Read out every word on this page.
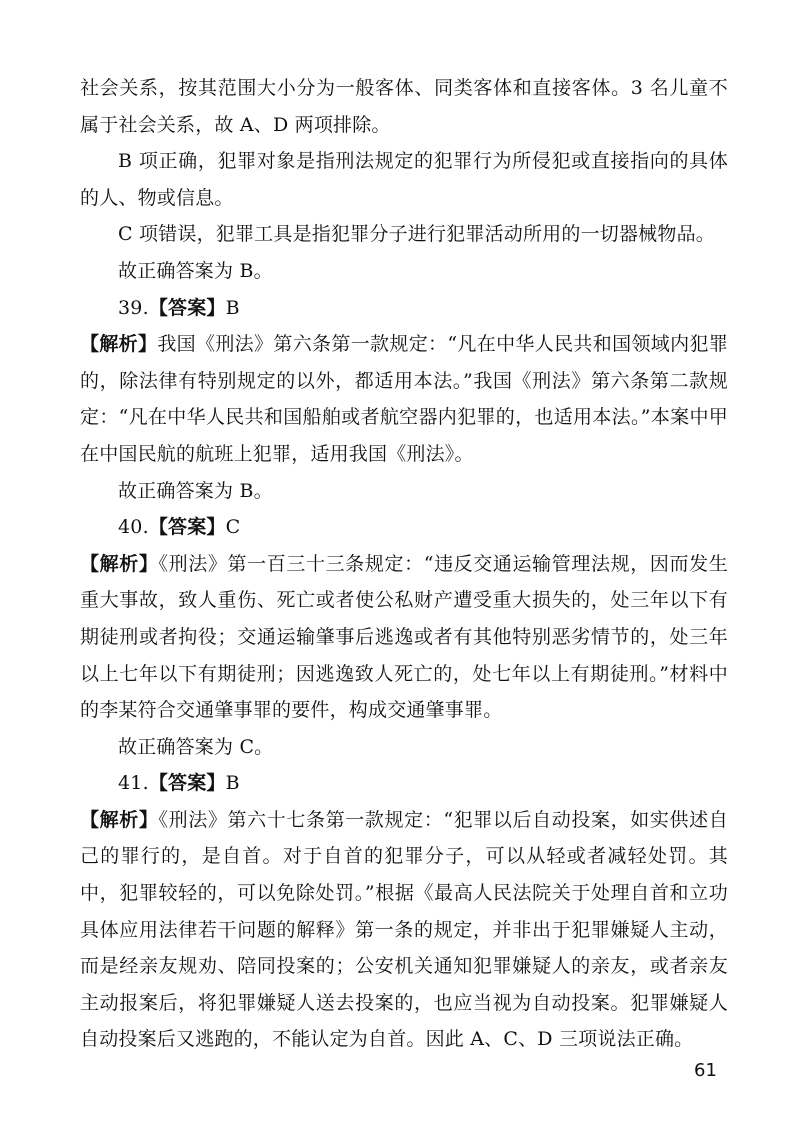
社会关系，按其范围大小分为一般客体、同类客体和直接客体。3 名儿童不属于社会关系，故 A、D 两项排除。

B 项正确，犯罪对象是指刑法规定的犯罪行为所侵犯或直接指向的具体的人、物或信息。

C 项错误，犯罪工具是指犯罪分子进行犯罪活动所用的一切器械物品。

故正确答案为 B。

39.【答案】B

【解析】我国《刑法》第六条第一款规定：“凡在中华人民共和国领域内犯罪的，除法律有特别规定的以外，都适用本法。”我国《刑法》第六条第二款规定：“凡在中华人民共和国船舶或者航空器内犯罪的，也适用本法。”本案中甲在中国民航的航班上犯罪，适用我国《刑法》。

故正确答案为 B。

40.【答案】C

【解析】《刑法》第一百三十三条规定：“违反交通运输管理法规，因而发生重大事故，致人重伤、死亡或者使公私财产遭受重大损失的，处三年以下有期徒刑或者拘役；交通运输肇事后逃逸或者有其他特别恶劣情节的，处三年以上七年以下有期徒刑；因逃逸致人死亡的，处七年以上有期徒刑。”材料中的李某符合交通肇事罪的要件，构成交通肇事罪。

故正确答案为 C。

41.【答案】B

【解析】《刑法》第六十七条第一款规定：“犯罪以后自动投案，如实供述自己的罪行的，是自首。对于自首的犯罪分子，可以从轻或者减轻处罚。其中，犯罪较轻的，可以免除处罚。”根据《最高人民法院关于处理自首和立功具体应用法律若干问题的解释》第一条的规定，并非出于犯罪嫌疑人主动，而是经亲友规劝、陪同投案的；公安机关通知犯罪嫌疑人的亲友，或者亲友主动报案后，将犯罪嫌疑人送去投案的，也应当视为自动投案。犯罪嫌疑人自动投案后又逃跑的，不能认定为自首。因此 A、C、D 三项说法正确。

61
